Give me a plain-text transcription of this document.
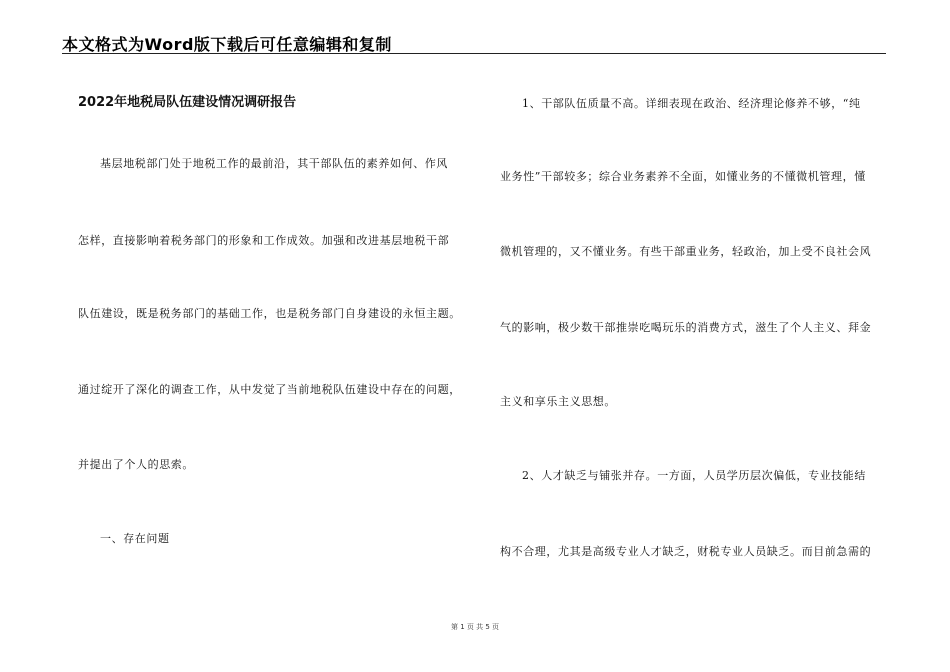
本文格式为Word版下载后可任意编辑和复制
2022年地税局队伍建设情况调研报告
基层地税部门处于地税工作的最前沿，其干部队伍的素养如何、作风
怎样，直接影响着税务部门的形象和工作成效。加强和改进基层地税干部
队伍建设，既是税务部门的基础工作，也是税务部门自身建设的永恒主题。
通过绽开了深化的调查工作，从中发觉了当前地税队伍建设中存在的问题，
并提出了个人的思索。
一、存在问题
1、干部队伍质量不高。详细表现在政治、经济理论修养不够，“纯
业务性”干部较多；综合业务素养不全面，如懂业务的不懂微机管理，懂
微机管理的，又不懂业务。有些干部重业务，轻政治，加上受不良社会风
气的影响，极少数干部推崇吃喝玩乐的消费方式，滋生了个人主义、拜金
主义和享乐主义思想。
2、人才缺乏与铺张并存。一方面，人员学历层次偏低，专业技能结
构不合理，尤其是高级专业人才缺乏，财税专业人员缺乏。而目前急需的
第 1 页 共 5 页
